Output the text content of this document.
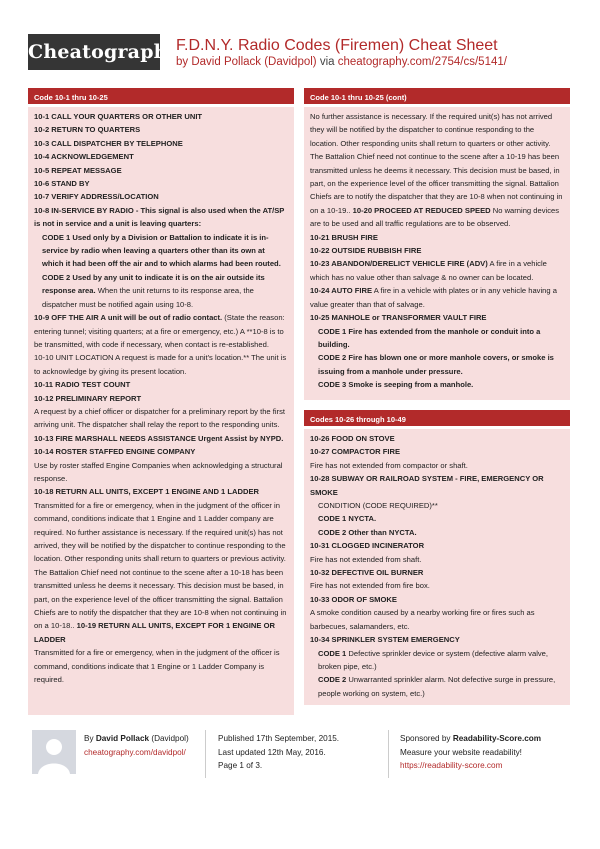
Cheatography
F.D.N.Y. Radio Codes (Firemen) Cheat Sheet
by David Pollack (Davidpol) via cheatography.com/2754/cs/5141/
Code 10-1 thru 10-25

10-1 CALL YOUR QUARTERS OR OTHER UNIT

10-2 RETURN TO QUARTERS

10-3 CALL DISPATCHER BY TELEPHONE

10-4 ACKNOWLEDGEMENT

10-5 REPEAT MESSAGE

10-6 STAND BY

10-7 VERIFY ADDRESS/LOCATION

10-8 IN-SERVICE BY RADIO - This signal is also used when the AT/SP is not in service and a unit is leaving quarters:

CODE 1 Used only by a Division or Battalion to indicate it is in-service by radio when leaving a quarters other than its own at which it had been off the air and to which alarms had been routed.

CODE 2 Used by any unit to indicate it is on the air outside its response area. When the unit returns to its response area, the dispatcher must be notified again using 10-8.

10-9 OFF THE AIR A unit will be out of radio contact. (State the reason: entering tunnel; visiting quarters; at a fire or emergency, etc.) A **10-8 is to be transmitted, with code if necessary, when contact is re-established.

10-10 UNIT LOCATION A request is made for a unit's location.** The unit is to acknowledge by giving its present location.

10-11 RADIO TEST COUNT

10-12 PRELIMINARY REPORT

A request by a chief officer or dispatcher for a preliminary report by the first arriving unit. The dispatcher shall relay the report to the responding units.

10-13 FIRE MARSHALL NEEDS ASSISTANCE Urgent Assist by NYPD.

10-14 ROSTER STAFFED ENGINE COMPANY

Use by roster staffed Engine Companies when acknowledging a structural response.

10-18 RETURN ALL UNITS, EXCEPT 1 ENGINE AND 1 LADDER

Transmitted for a fire or emergency, when in the judgment of the officer in command, conditions indicate that 1 Engine and 1 Ladder company are required. No further assistance is necessary. If the required unit(s) has not arrived, they will be notified by the dispatcher to continue responding to the location. Other responding units shall return to quarters or previous activity. The Battalion Chief need not continue to the scene after a 10-18 has been transmitted unless he deems it necessary. This decision must be based, in part, on the experience level of the officer transmitting the signal. Battalion Chiefs are to notify the dispatcher that they are 10-8 when not continuing in on a 10-18.. 10-19 RETURN ALL UNITS, EXCEPT FOR 1 ENGINE OR LADDER

Transmitted for a fire or emergency, when in the judgment of the officer is command, conditions indicate that 1 Engine or 1 Ladder Company is required.

Code 10-1 thru 10-25 (cont)

No further assistance is necessary. If the required unit(s) has not arrived they will be notified by the dispatcher to continue responding to the location. Other responding units shall return to quarters or other activity. The Battalion Chief need not continue to the scene after a 10-19 has been transmitted unless he deems it necessary. This decision must be based, in part, on the experience level of the officer transmitting the signal. Battalion Chiefs are to notify the dispatcher that they are 10-8 when not continuing in on a 10-19.. 10-20 PROCEED AT REDUCED SPEED No warning devices are to be used and all traffic regulations are to be observed.

10-21 BRUSH FIRE

10-22 OUTSIDE RUBBISH FIRE

10-23 ABANDON/DERELICT VEHICLE FIRE (ADV) A fire in a vehicle which has no value other than salvage & no owner can be located.

10-24 AUTO FIRE A fire in a vehicle with plates or in any vehicle having a value greater than that of salvage.

10-25 MANHOLE or TRANSFORMER VAULT FIRE

CODE 1 Fire has extended from the manhole or conduit into a building.

CODE 2 Fire has blown one or more manhole covers, or smoke is issuing from a manhole under pressure.

CODE 3 Smoke is seeping from a manhole.

Codes 10-26 through 10-49

10-26 FOOD ON STOVE

10-27 COMPACTOR FIRE

Fire has not extended from compactor or shaft.

10-28 SUBWAY OR RAILROAD SYSTEM - FIRE, EMERGENCY OR SMOKE

CONDITION (CODE REQUIRED)**

CODE 1 NYCTA.

CODE 2 Other than NYCTA.

10-31 CLOGGED INCINERATOR

Fire has not extended from shaft.

10-32 DEFECTIVE OIL BURNER

Fire has not extended from fire box.

10-33 ODOR OF SMOKE

A smoke condition caused by a nearby working fire or fires such as barbecues, salamanders, etc.

10-34 SPRINKLER SYSTEM EMERGENCY

CODE 1 Defective sprinkler device or system (defective alarm valve, broken pipe, etc.)

CODE 2 Unwarranted sprinkler alarm. Not defective surge in pressure, people working on system, etc.)

By David Pollack (Davidpol)
cheatography.com/davidpol/
Published 17th September, 2015.
Last updated 12th May, 2016.
Page 1 of 3.
Sponsored by Readability-Score.com
Measure your website readability!
https://readability-score.com
